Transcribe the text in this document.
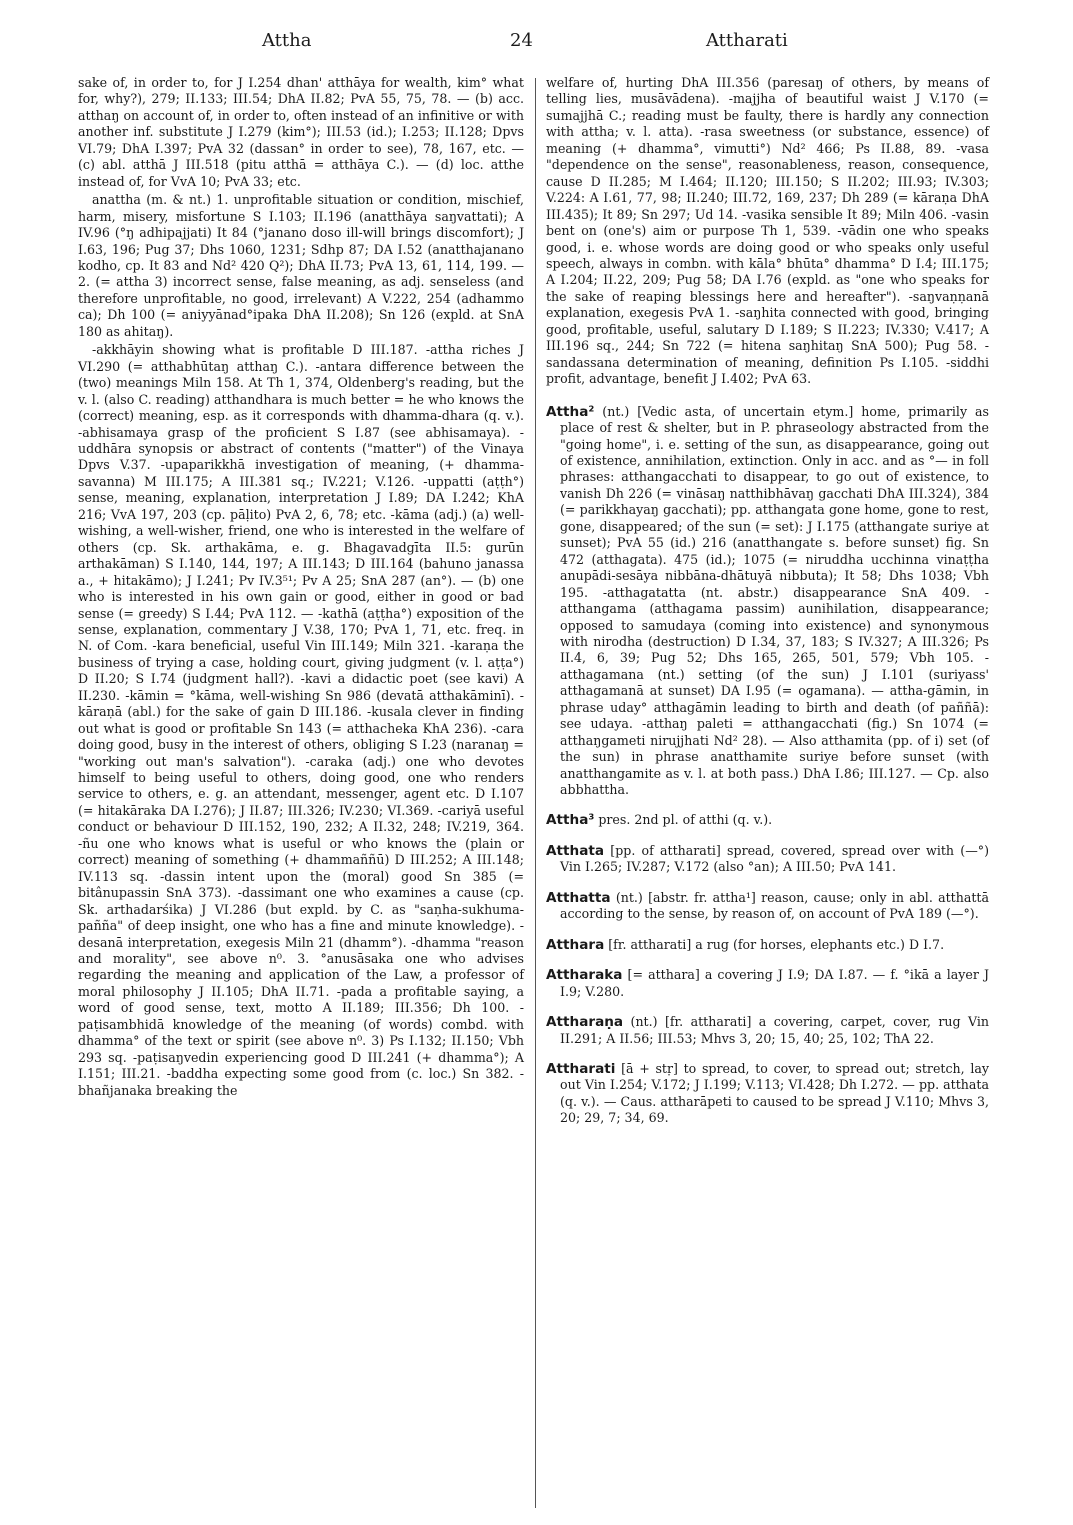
Attha	24	Attharati

sake of, in order to, for J I.254 dhan' atthāya for wealth, kim° what for, why?), 279; II.133; III.54; DhA II.82; PvA 55, 75, 78. — (b) acc. atthaŋ on account of, in order to, often instead of an infinitive or with another inf. substitute J I.279 (kim°); III.53 (id.); I.253; II.128; Dpvs VI.79; DhA I.397; PvA 32 (dassan° in order to see), 78, 167, etc. — (c) abl. atthā J III.518 (pitu atthā = atthāya C.). — (d) loc. atthe instead of, for VvA 10; PvA 33; etc.

anattha (m. & nt.) 1. unprofitable situation or condition, mischief, harm, misery, misfortune S I.103; II.196 (anatthāya saŋvattati); A IV.96 (°ŋ adhipajjati) It 84 (°janano doso ill-will brings discomfort); J I.63, 196; Pug 37; Dhs 1060, 1231; Sdhp 87; DA I.52 (anatthajanano kodho, cp. It 83 and Nd² 420 Q²); DhA II.73; PvA 13, 61, 114, 199. — 2. (= attha 3) incorrect sense, false meaning, as adj. senseless (and therefore unprofitable, no good, irrelevant) A V.222, 254 (adhammo ca); Dh 100 (= aniyyānad°ipaka DhA II.208); Sn 126 (expld. at SnA 180 as ahitaŋ).

-akkhāyin showing what is profitable D III.187. -attha riches J VI.290 (= atthabhūtaŋ atthaŋ C.). -antara difference between the (two) meanings Miln 158. At Th 1, 374, Oldenberg's reading, but the v. l. (also C. reading) atthandhara is much better = he who knows the (correct) meaning, esp. as it corresponds with dhamma-dhara (q. v.). -abhisamaya grasp of the proficient S I.87 (see abhisamaya). -uddhāra synopsis or abstract of contents ("matter") of the Vinaya Dpvs V.37. -upaparikkhā investigation of meaning, (+ dhamma-savanna) M III.175; A III.381 sq.; IV.221; V.126. -uppatti (aṭṭh°) sense, meaning, explanation, interpretation J I.89; DA I.242; KhA 216; VvA 197, 203 (cp. pāḷito) PvA 2, 6, 78; etc. -kāma (adj.) (a) well-wishing, a well-wisher, friend, one who is interested in the welfare of others (cp. Sk. arthakāma, e. g. Bhagavadgīta II.5: gurūn arthakāman) S I.140, 144, 197; A III.143; D III.164 (bahuno janassa a., + hitakāmo); J I.241; Pv IV.3⁵¹; Pv A 25; SnA 287 (an°). — (b) one who is interested in his own gain or good, either in good or bad sense (= greedy) S I.44; PvA 112. — -kathā (aṭṭha°) exposition of the sense, explanation, commentary J V.38, 170; PvA 1, 71, etc. freq. in N. of Com. -kara beneficial, useful Vin III.149; Miln 321. -karaṇa the business of trying a case, holding court, giving judgment (v. l. aṭṭa°) D II.20; S I.74 (judgment hall?). -kavi a didactic poet (see kavi) A II.230. -kāmin = °kāma, well-wishing Sn 986 (devatā atthakāminī). -kāraṇā (abl.) for the sake of gain D III.186. -kusala clever in finding out what is good or profitable Sn 143 (= atthacheka KhA 236). -cara doing good, busy in the interest of others, obliging S I.23 (naranaŋ = "working out man's salvation"). -caraka (adj.) one who devotes himself to being useful to others, doing good, one who renders service to others, e. g. an attendant, messenger, agent etc. D I.107 (= hitakāraka DA I.276); J II.87; III.326; IV.230; VI.369. -cariyā useful conduct or behaviour D III.152, 190, 232; A II.32, 248; IV.219, 364. -ñu one who knows what is useful or who knows the (plain or correct) meaning of something (+ dhammaññū) D III.252; A III.148; IV.113 sq. -dassin intent upon the (moral) good Sn 385 (= bitânupassin SnA 373). -dassimant one who examines a cause (cp. Sk. arthadarśika) J VI.286 (but expld. by C. as "saṇha-sukhuma-pañña" of deep insight, one who has a fine and minute knowledge). -desanā interpretation, exegesis Miln 21 (dhamm°). -dhamma "reason and morality", see above n⁰. 3. °anusāsaka one who advises regarding the meaning and application of the Law, a professor of moral philosophy J II.105; DhA II.71. -pada a profitable saying, a word of good sense, text, motto A II.189; III.356; Dh 100. -paṭisambhidā knowledge of the meaning (of words) combd. with dhamma° of the text or spirit (see above n⁰. 3) Ps I.132; II.150; Vbh 293 sq. -paṭisaŋvedin experiencing good D III.241 (+ dhamma°); A I.151; III.21. -baddha expecting some good from (c. loc.) Sn 382. -bhañjanaka breaking the

welfare of, hurting DhA III.356 (paresaŋ of others, by means of telling lies, musāvādena). -majjha of beautiful waist J V.170 (= sumajjhā C.; reading must be faulty, there is hardly any connection with attha; v. l. atta). -rasa sweetness (or substance, essence) of meaning (+ dhamma°, vimutti°) Nd² 466; Ps II.88, 89. -vasa "dependence on the sense", reasonableness, reason, consequence, cause D II.285; M I.464; II.120; III.150; S II.202; III.93; IV.303; V.224: A I.61, 77, 98; II.240; III.72, 169, 237; Dh 289 (= kāraṇa DhA III.435); It 89; Sn 297; Ud 14. -vasika sensible It 89; Miln 406. -vasin bent on (one's) aim or purpose Th 1, 539. -vādin one who speaks good, i. e. whose words are doing good or who speaks only useful speech, always in combn. with kāla° bhūta° dhamma° D I.4; III.175; A I.204; II.22, 209; Pug 58; DA I.76 (expld. as "one who speaks for the sake of reaping blessings here and hereafter"). -saŋvaṇṇanā explanation, exegesis PvA 1. -saŋhita connected with good, bringing good, profitable, useful, salutary D I.189; S II.223; IV.330; V.417; A III.196 sq., 244; Sn 722 (= hitena saŋhitaŋ SnA 500); Pug 58. -sandassana determination of meaning, definition Ps I.105. -siddhi profit, advantage, benefit J I.402; PvA 63.

Attha² (nt.) [Vedic asta, of uncertain etym.] home, primarily as place of rest & shelter, but in P. phraseology abstracted from the "going home", i. e. setting of the sun, as disappearance, going out of existence, annihilation, extinction. Only in acc. and as °— in foll phrases: atthangacchati to disappear, to go out of existence, to vanish Dh 226 (= vināsaŋ natthibhāvaŋ gacchati DhA III.324), 384 (= parikkhayaŋ gacchati); pp. atthangata gone home, gone to rest, gone, disappeared; of the sun (= set): J I.175 (atthangate suriye at sunset); PvA 55 (id.) 216 (anatthangate s. before sunset) fig. Sn 472 (atthagata). 475 (id.); 1075 (= niruddha ucchinna vinaṭṭha anupādi-sesāya nibbāna-dhātuyā nibbuta); It 58; Dhs 1038; Vbh 195. -atthagatatta (nt. abstr.) disappearance SnA 409. -atthangama (atthagama passim) aunihilation, disappearance; opposed to samudaya (coming into existence) and synonymous with nirodha (destruction) D I.34, 37, 183; S IV.327; A III.326; Ps II.4, 6, 39; Pug 52; Dhs 165, 265, 501, 579; Vbh 105. -atthagamana (nt.) setting (of the sun) J I.101 (suriyass' atthagamanā at sunset) DA I.95 (= ogamana). — attha-gāmin, in phrase uday° atthagāmin leading to birth and death (of paññā): see udaya. -atthaŋ paleti = atthangacchati (fig.) Sn 1074 (= atthaŋgameti nirujjhati Nd² 28). — Also atthamita (pp. of i) set (of the sun) in phrase anatthamite suriye before sunset (with anatthangamite as v. l. at both pass.) DhA I.86; III.127. — Cp. also abbhattha.

Attha³ pres. 2nd pl. of atthi (q. v.).

Atthata [pp. of attharati] spread, covered, spread over with (—°) Vin I.265; IV.287; V.172 (also °an); A III.50; PvA 141.

Atthatta (nt.) [abstr. fr. attha¹] reason, cause; only in abl. atthattā according to the sense, by reason of, on account of PvA 189 (—°).

Atthara [fr. attharati] a rug (for horses, elephants etc.) D I.7.

Attharaka [= atthara] a covering J I.9; DA I.87. — f. °ikā a layer J I.9; V.280.

Attharaṇa (nt.) [fr. attharati] a covering, carpet, cover, rug Vin II.291; A II.56; III.53; Mhvs 3, 20; 15, 40; 25, 102; ThA 22.

Attharati [ā + stṛ] to spread, to cover, to spread out; stretch, lay out Vin I.254; V.172; J I.199; V.113; VI.428; Dh I.272. — pp. atthata (q. v.). — Caus. attharāpeti to caused to be spread J V.110; Mhvs 3, 20; 29, 7; 34, 69.
